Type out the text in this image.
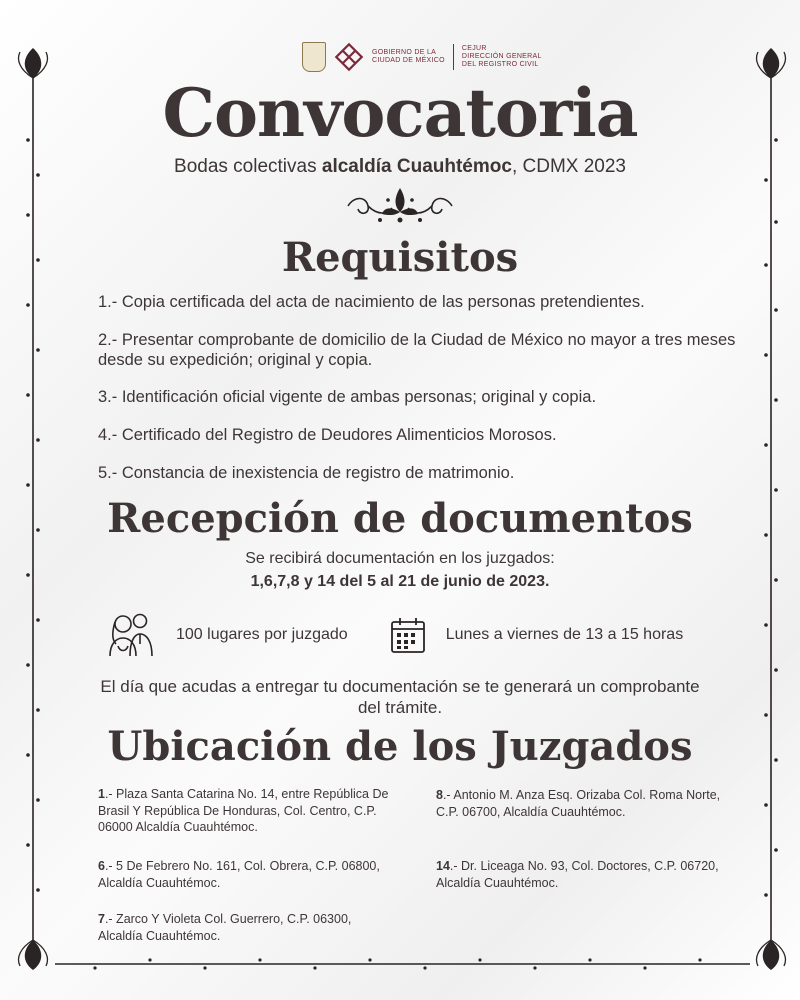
GOBIERNO DE LA
CIUDAD DE MÉXICO
CEJUR
DIRECCIÓN GENERAL
DEL REGISTRO CIVIL
Convocatoria
Bodas colectivas alcaldía Cuauhtémoc, CDMX 2023
Requisitos
1.- Copia certificada del acta de nacimiento de las personas pretendientes.
2.- Presentar comprobante de domicilio de la Ciudad de México no mayor a tres meses desde su expedición; original y copia.
3.- Identificación oficial vigente de ambas personas; original y copia.
4.- Certificado del Registro de Deudores Alimenticios Morosos.
5.- Constancia de inexistencia de registro de matrimonio.
Recepción de documentos
Se recibirá documentación en los juzgados:
1,6,7,8 y 14 del 5 al 21 de junio de 2023.
100 lugares por juzgado	Lunes a viernes de 13 a 15 horas

El día que acudas a entregar tu documentación se te generará un comprobante del trámite.

Ubicación de los Juzgados
1.- Plaza Santa Catarina No. 14, entre República De Brasil Y República De Honduras, Col. Centro, C.P. 06000 Alcaldía Cuauhtémoc.
6.- 5 De Febrero No. 161, Col. Obrera, C.P. 06800, Alcaldía Cuauhtémoc.
7.- Zarco Y Violeta Col. Guerrero, C.P. 06300, Alcaldía Cuauhtémoc.
8.- Antonio M. Anza Esq. Orizaba Col. Roma Norte, C.P. 06700, Alcaldía Cuauhtémoc.
14.- Dr. Liceaga No. 93, Col. Doctores, C.P. 06720, Alcaldía Cuauhtémoc.
